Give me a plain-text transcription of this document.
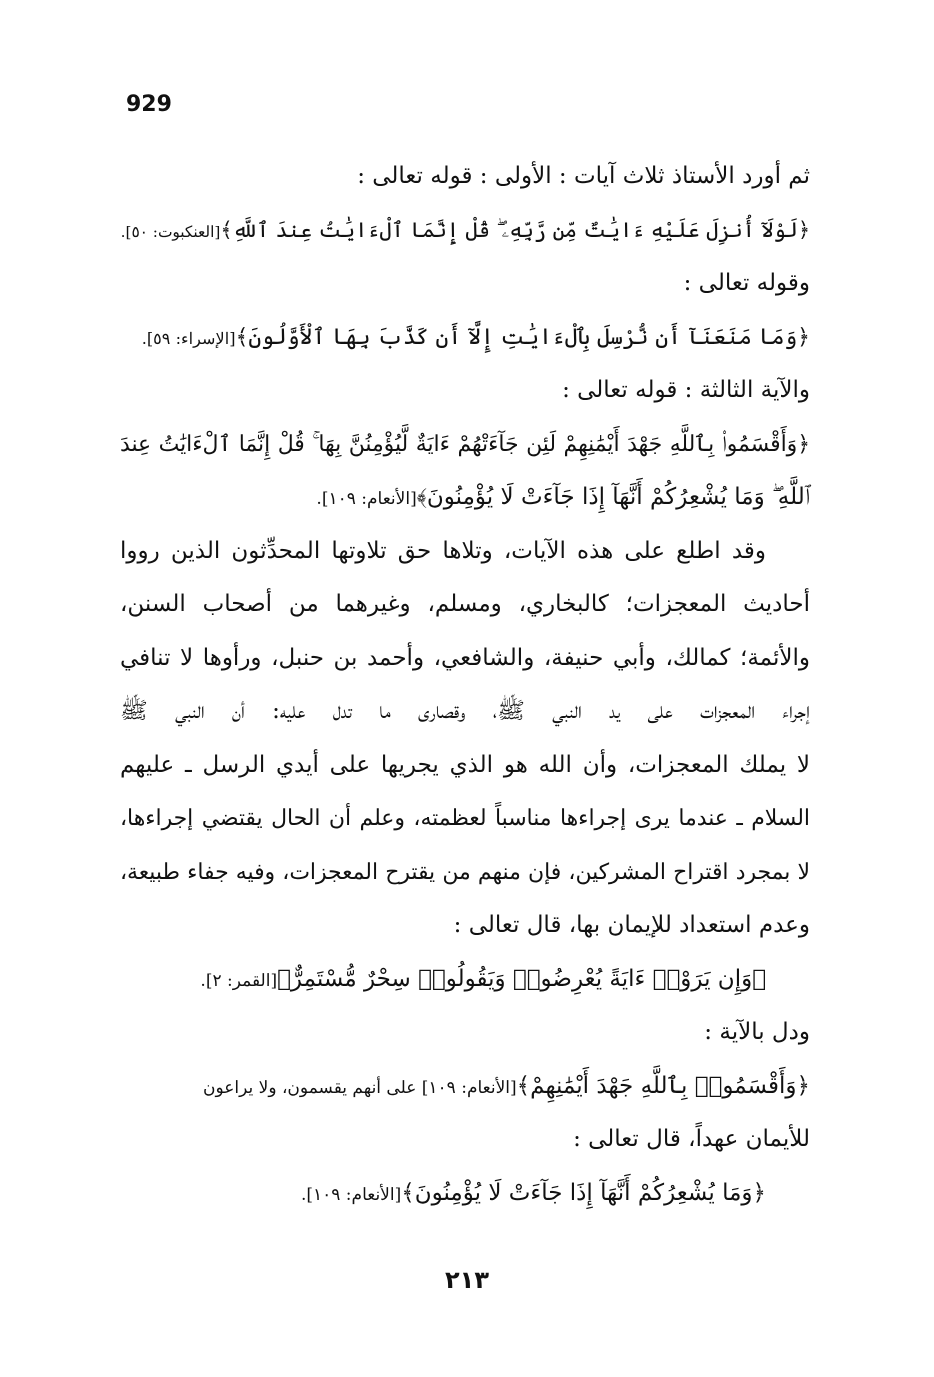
929
ثم أورد الأستاذ ثلاث آيات : الأولى : قوله تعالى :
﴿لَوْلَآ أُنزِلَ عَلَيْهِ ءَايَٰتٌ مِّن رَّبِّهِۦ ۖ قُلْ إِنَّمَا ٱلْءَايَٰتُ عِندَ ٱللَّهِ﴾[العنكبوت: ٥٠].
وقوله تعالى :
﴿وَمَا مَنَعَنَآ أَن نُّرْسِلَ بِٱلْءَايَٰتِ إِلَّآ أَن كَذَّبَ بِهَا ٱلْأَوَّلُونَ﴾[الإسراء: ٥٩].
والآية الثالثة : قوله تعالى :
﴿وَأَقْسَمُوا۟ بِٱللَّهِ جَهْدَ أَيْمَٰنِهِمْ لَئِن جَآءَتْهُمْ ءَايَةٌ لَّيُؤْمِنُنَّ بِهَا ۚ قُلْ إِنَّمَا ٱلْءَايَٰتُ عِندَ
ٱللَّهِ ۖ وَمَا يُشْعِرُكُمْ أَنَّهَآ إِذَا جَآءَتْ لَا يُؤْمِنُونَ﴾[الأنعام: ١٠٩].
وقد اطلع على هذه الآيات، وتلاها حق تلاوتها المحدِّثون الذين رووا
أحاديث المعجزات؛ كالبخاري، ومسلم، وغيرهما من أصحاب السنن،
والأئمة؛ كمالك، وأبي حنيفة، والشافعي، وأحمد بن حنبل، ورأوها لا تنافي
إجراء المعجزات على يد النبي ﷺ، وقصارى ما تدل عليه: أن النبي ﷺ
لا يملك المعجزات، وأن الله هو الذي يجريها على أيدي الرسل ـ عليهم
السلام ـ عندما يرى إجراءها مناسباً لعظمته، وعلم أن الحال يقتضي إجراءها،
لا بمجرد اقتراح المشركين، فإن منهم من يقترح المعجزات، وفيه جفاء طبيعة،
وعدم استعداد للإيمان بها، قال تعالى :
﴿وَإِن يَرَوْا۟ ءَايَةً يُعْرِضُوا۟ وَيَقُولُوا۟ سِحْرٌ مُّسْتَمِرٌّ﴾[القمر: ٢].
ودل بالآية :
﴿وَأَقْسَمُوا۟ بِٱللَّهِ جَهْدَ أَيْمَٰنِهِمْ﴾[الأنعام: ١٠٩] على أنهم يقسمون، ولا يراعون
للأيمان عهداً، قال تعالى :
﴿وَمَا يُشْعِرُكُمْ أَنَّهَآ إِذَا جَآءَتْ لَا يُؤْمِنُونَ﴾[الأنعام: ١٠٩].
٢١٣
